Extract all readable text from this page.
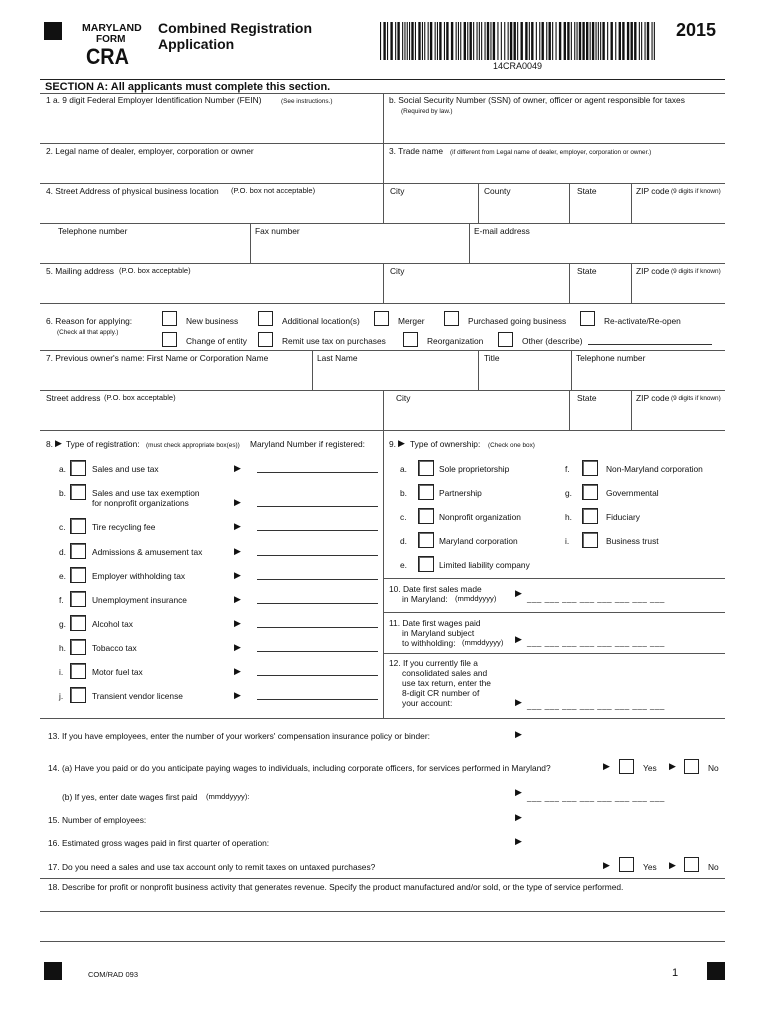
MARYLAND
FORM
CRA
Combined Registration
Application
14CRA0049
2015
SECTION A: All applicants must complete this section.
1 a. 9 digit Federal Employer Identification Number (FEIN)	(See instructions.)	b. Social Security Number (SSN) of owner, officer or agent responsible for taxes
(Required by law.)
2. Legal name of dealer, employer, corporation or owner	3. Trade name (if different from Legal name of dealer, employer, corporation or owner.)
4. Street Address of physical business location (P.O. box not acceptable)	City	County	State	ZIP code (9 digits if known)
Telephone number	Fax number	E-mail address
5. Mailing address (P.O. box acceptable)	City	State	ZIP code (9 digits if known)
6. Reason for applying:
(Check all that apply.)
New business	Additional location(s)	Merger	Purchased going business	Re-activate/Re-open
Change of entity	Remit use tax on purchases	Reorganization	Other (describe)
7. Previous owner's name: First Name or Corporation Name	Last Name	Title	Telephone number
Street address (P.O. box acceptable)	City	State	ZIP code (9 digits if known)
8. ▶ Type of registration: (must check appropriate box(es)) Maryland Number if registered:
a.	Sales and use tax	▶
b.	Sales and use tax exemption
for nonprofit organizations	▶
c.	Tire recycling fee	▶
d.	Admissions & amusement tax	▶
e.	Employer withholding tax	▶
f.	Unemployment insurance	▶
g.	Alcohol tax	▶
h.	Tobacco tax	▶
i.	Motor fuel tax	▶
j.	Transient vendor license	▶
9. ▶ Type of ownership: (Check one box)
a.	Sole proprietorship
b.	Partnership
c.	Nonprofit organization
d.	Maryland corporation
e.	Limited liability company
f.	Non-Maryland corporation
g.	Governmental
h.	Fiduciary
i.	Business trust
10. Date first sales made
in Maryland: (mmddyyyy)
▶
___ ___ ___ ___ ___ ___ ___ ___
11. Date first wages paid
in Maryland subject
to withholding: (mmddyyyy) ▶ ___ ___ ___ ___ ___ ___ ___ ___
12. If you currently file a
consolidated sales and
use tax return, enter the
8-digit CR number of
your account:	▶ ___ ___ ___ ___ ___ ___ ___ ___
13. If you have employees, enter the number of your workers' compensation insurance policy or binder:	▶
14. (a) Have you paid or do you anticipate paying wages to individuals, including corporate officers, for services performed in Maryland?	▶	Yes ▶	No
(b) If yes, enter date wages first paid (mmddyyyy):	▶
___ ___ ___ ___ ___ ___ ___ ___
15. Number of employees:	▶
16. Estimated gross wages paid in first quarter of operation:	▶
17. Do you need a sales and use tax account only to remit taxes on untaxed purchases?	▶	Yes ▶	No
18. Describe for profit or nonprofit business activity that generates revenue. Specify the product manufactured and/or sold, or the type of service performed.
COM/RAD 093	1
